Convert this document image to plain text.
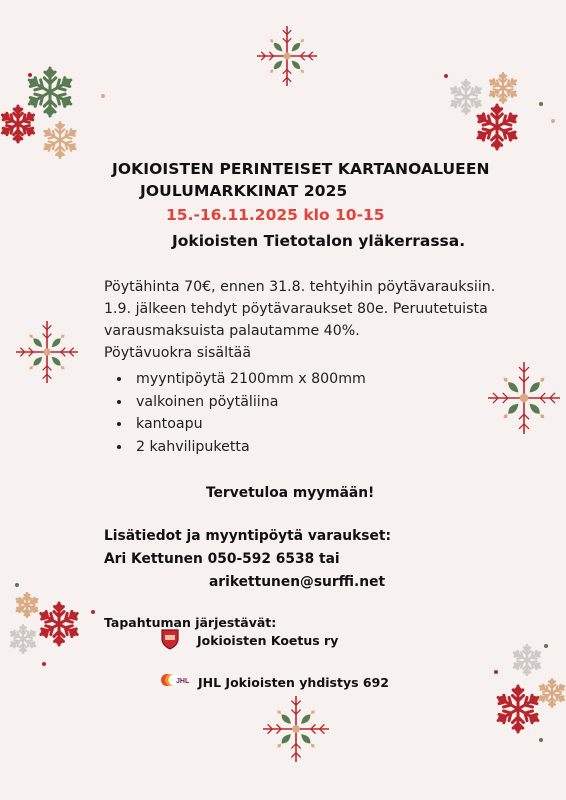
JOKIOISTEN PERINTEISET KARTANOALUEEN
JOULUMARKKINAT 2025
15.-16.11.2025 klo 10-15
Jokioisten Tietotalon yläkerrassa.
Pöytähinta 70€, ennen 31.8. tehtyihin pöytävarauksiin.
1.9. jälkeen tehdyt pöytävaraukset 80e. Peruutetuista
varausmaksuista palautamme 40%.
Pöytävuokra sisältää
• myyntipöytä 2100mm x 800mm
• valkoinen pöytäliina
• kantoapu
• 2 kahvilipuketta
Tervetuloa myymään!
Lisätiedot ja myyntipöytä varaukset:
Ari Kettunen 050-592 6538 tai
arikettunen@surffi.net
Tapahtuman järjestävät:
Jokioisten Koetus ry
JHL JHL Jokioisten yhdistys 692
